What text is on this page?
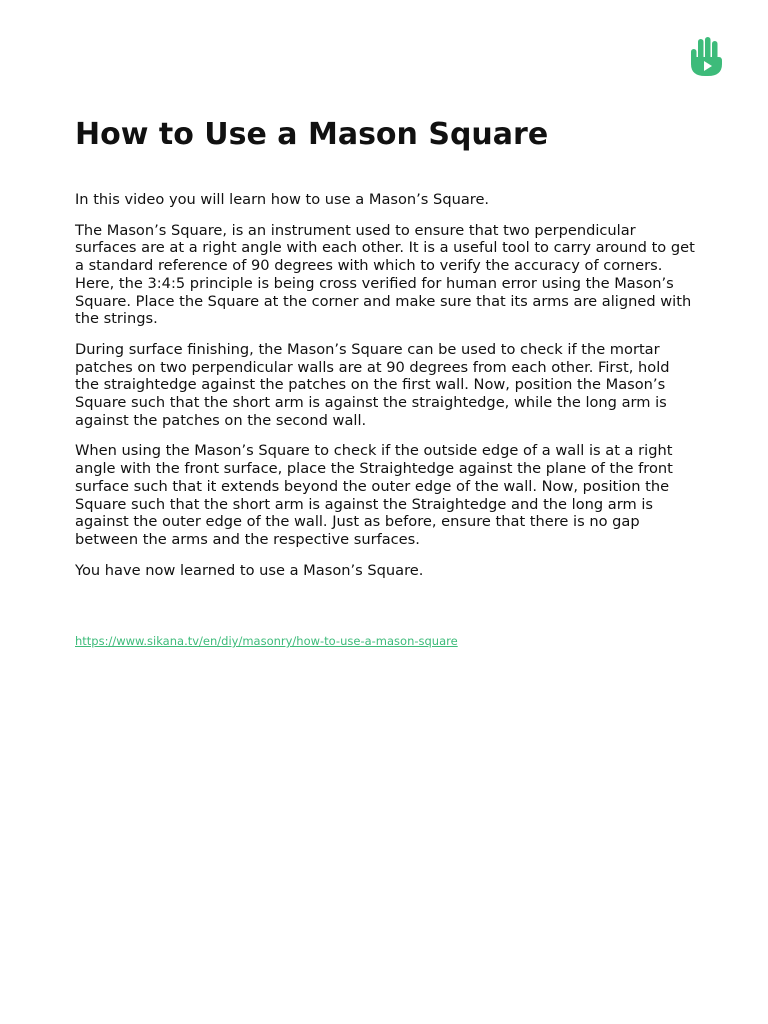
How to Use a Mason Square

In this video you will learn how to use a Mason’s Square.

The Mason’s Square, is an instrument used to ensure that two perpendicular surfaces are at a right angle with each other. It is a useful tool to carry around to get a standard reference of 90 degrees with which to verify the accuracy of corners. Here, the 3:4:5 principle is being cross verified for human error using the Mason’s Square. Place the Square at the corner and make sure that its arms are aligned with the strings.

During surface finishing, the Mason’s Square can be used to check if the mortar patches on two perpendicular walls are at 90 degrees from each other. First, hold the straightedge against the patches on the first wall. Now, position the Mason’s Square such that the short arm is against the straightedge, while the long arm is against the patches on the second wall.

When using the Mason’s Square to check if the outside edge of a wall is at a right angle with the front surface, place the Straightedge against the plane of the front surface such that it extends beyond the outer edge of the wall. Now, position the Square such that the short arm is against the Straightedge and the long arm is against the outer edge of the wall. Just as before, ensure that there is no gap between the arms and the respective surfaces.

You have now learned to use a Mason’s Square.

https://www.sikana.tv/en/diy/masonry/how-to-use-a-mason-square
